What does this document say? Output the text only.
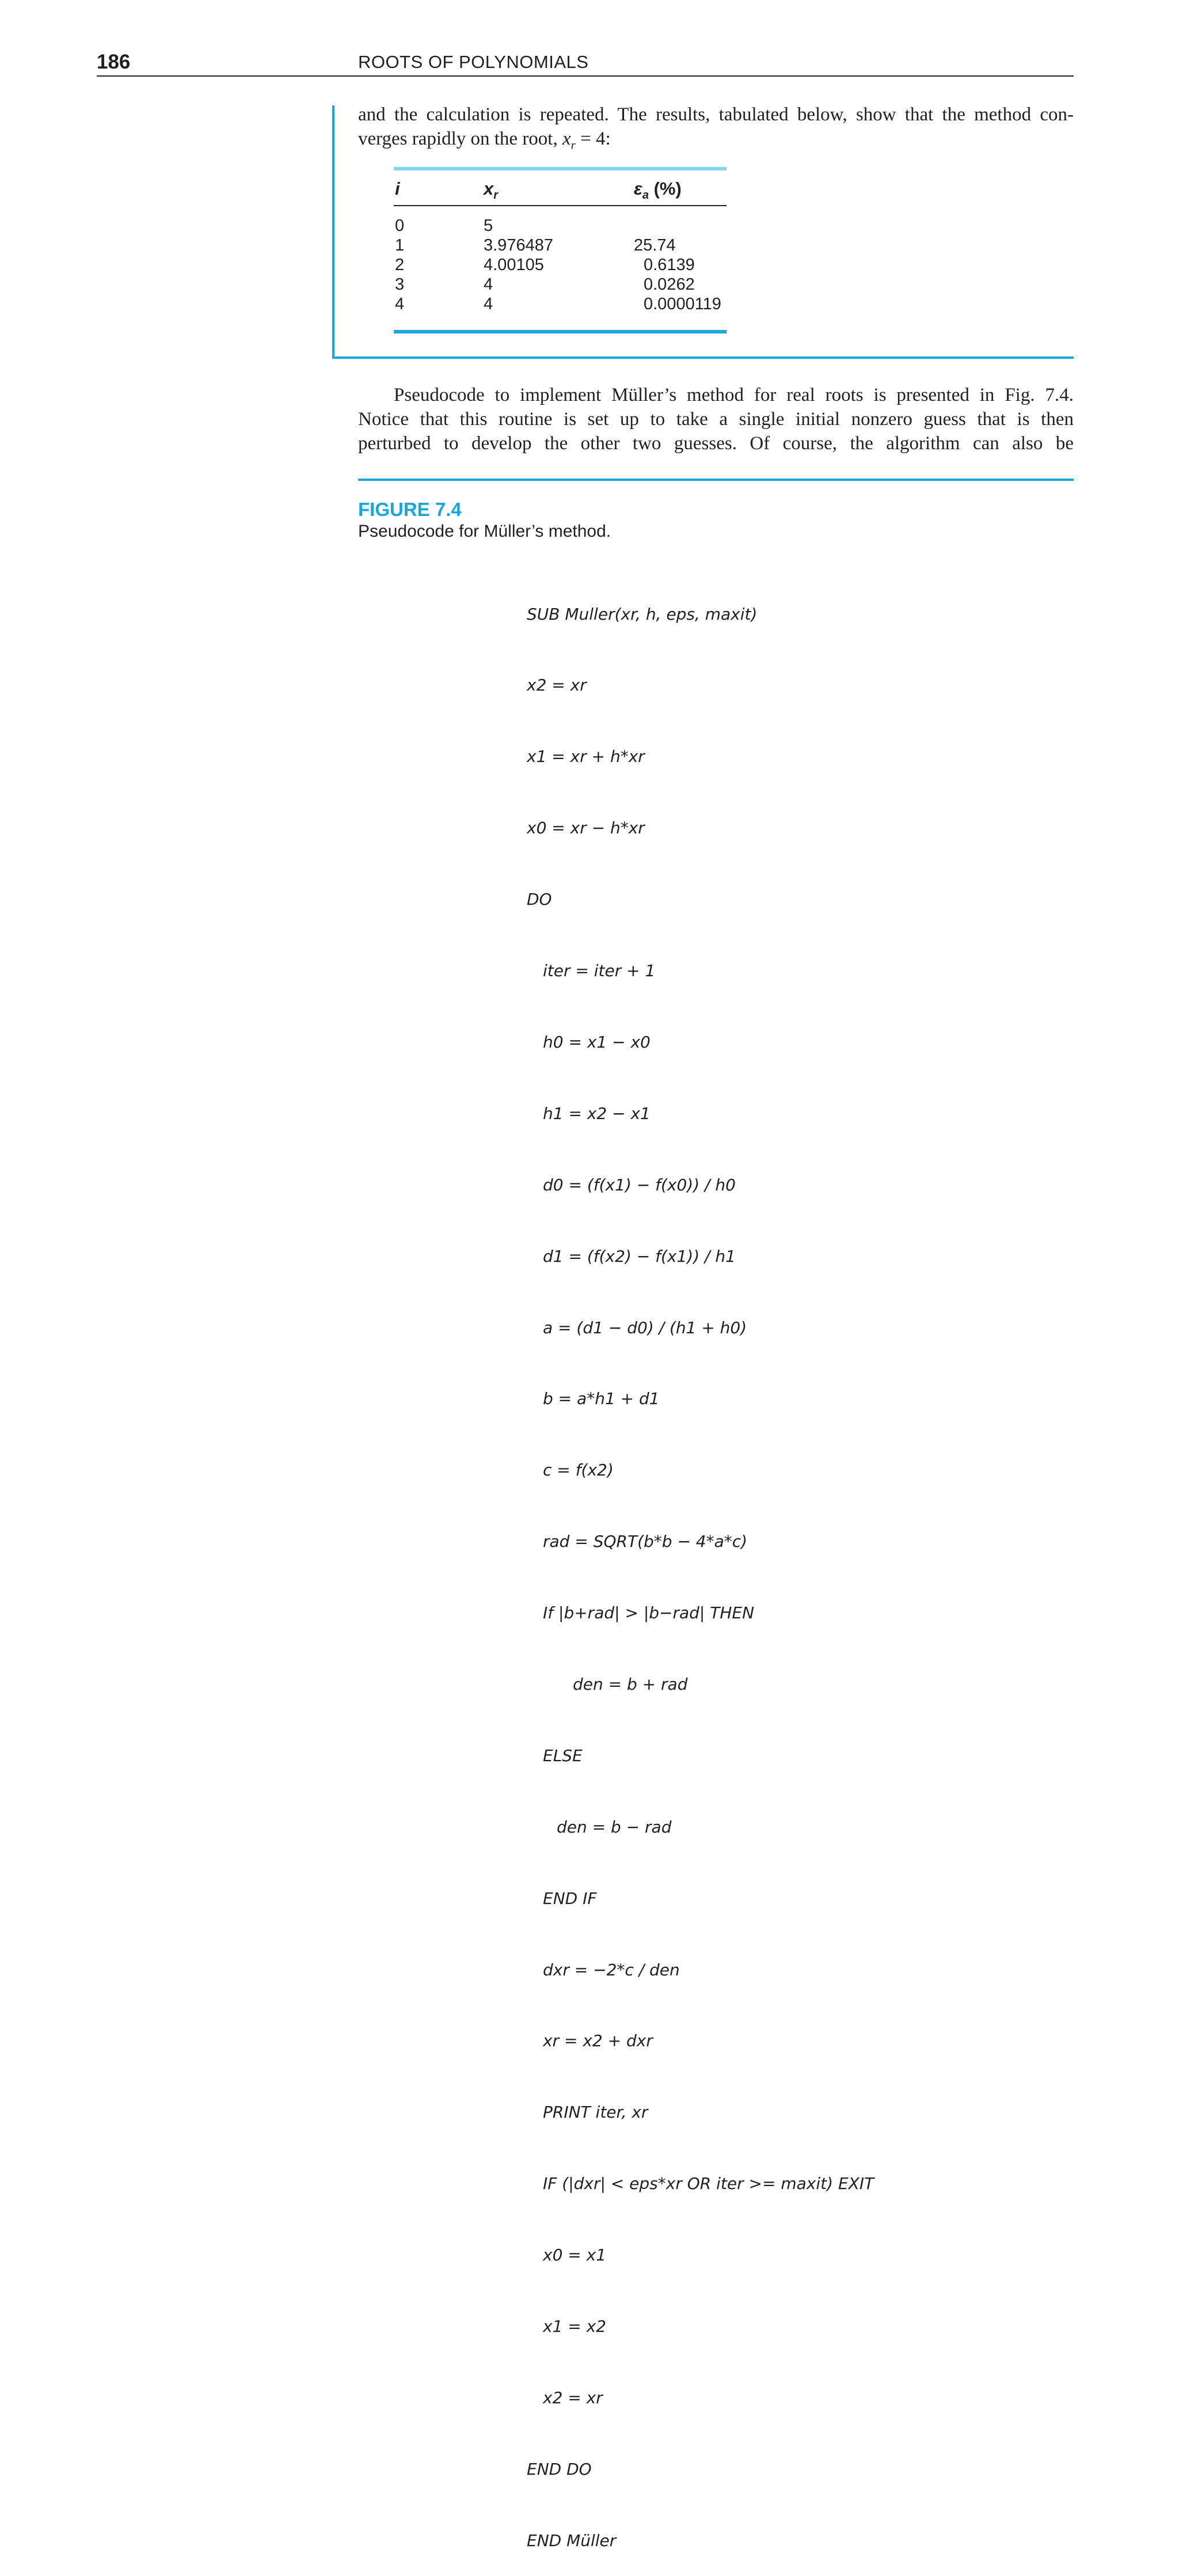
186	ROOTS OF POLYNOMIALS
and the calculation is repeated. The results, tabulated below, show that the method con-
verges rapidly on the root, $x_r = 4$:
i	$x_r$	$\varepsilon_a$ (%)
0	5
1	3.976487	25.74
2	4.00105	0.6139
3	4	0.0262
4	4	0.0000119
Pseudocode to implement Müller’s method for real roots is presented in Fig. 7.4.
Notice that this routine is set up to take a single initial nonzero guess that is then
perturbed to develop the other two guesses. Of course, the algorithm can also be
FIGURE 7.4
Pseudocode for Müller’s method.

SUB Muller(xr, h, eps, maxit)

x2 = xr

x1 = xr + h*xr

x0 = xr − h*xr

DO

iter = iter + 1

h0 = x1 − x0

h1 = x2 − x1

d0 = (f(x1) − f(x0)) / h0

d1 = (f(x2) − f(x1)) / h1

a = (d1 − d0) / (h1 + h0)

b = a*h1 + d1

c = f(x2)

rad = SQRT(b*b − 4*a*c)

If |b+rad| > |b−rad| THEN

den = b + rad

ELSE

den = b − rad

END IF

dxr = −2*c / den

xr = x2 + dxr

PRINT iter, xr

IF (|dxr| < eps*xr OR iter >= maxit) EXIT

x0 = x1

x1 = x2

x2 = xr

END DO

END Müller
